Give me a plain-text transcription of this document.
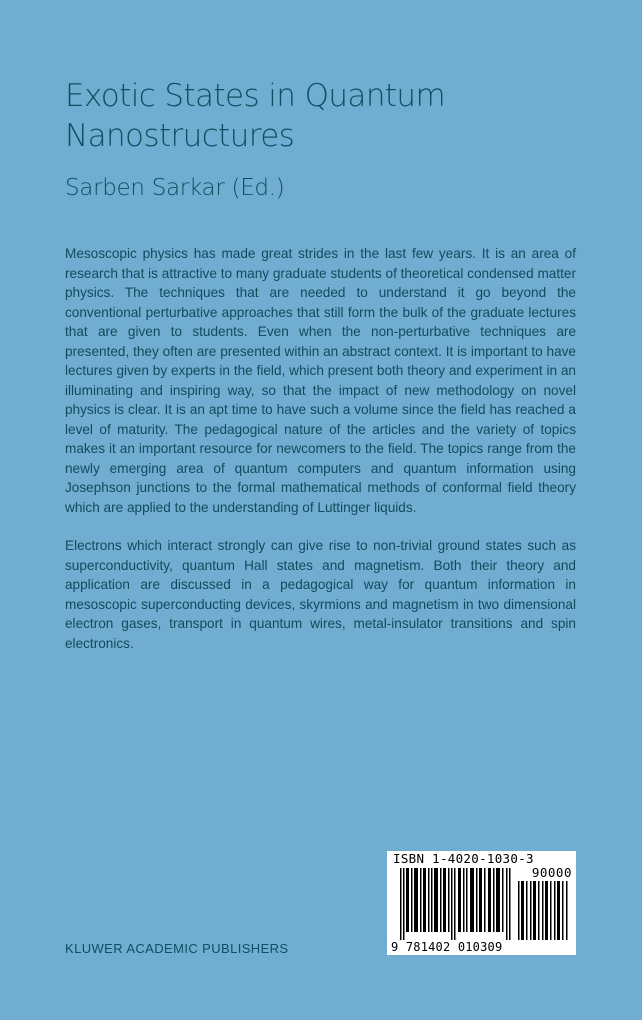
Exotic States in Quantum
Nanostructures
Sarben Sarkar (Ed.)

Mesoscopic physics has made great strides in the last few years. It is an area of research that is attractive to many graduate students of theoretical condensed matter physics. The techniques that are needed to understand it go beyond the conventional perturbative approaches that still form the bulk of the graduate lectures that are given to students. Even when the non-perturbative techniques are presented, they often are presented within an abstract context. It is important to have lectures given by experts in the field, which present both theory and experiment in an illuminating and inspiring way, so that the impact of new methodology on novel physics is clear. It is an apt time to have such a volume since the field has reached a level of maturity. The pedagogical nature of the articles and the variety of topics makes it an important resource for newcomers to the field. The topics range from the newly emerging area of quantum computers and quantum information using Josephson junctions to the formal mathematical methods of conformal field theory which are applied to the understanding of Luttinger liquids.

Electrons which interact strongly can give rise to non-trivial ground states such as superconductivity, quantum Hall states and magnetism. Both their theory and application are discussed in a pedagogical way for quantum information in mesoscopic superconducting devices, skyrmions and magnetism in two dimensional electron gases, transport in quantum wires, metal-insulator transitions and spin electronics.

KLUWER ACADEMIC PUBLISHERS
ISBN 1-4020-1030-3
90000
9 781402 010309
